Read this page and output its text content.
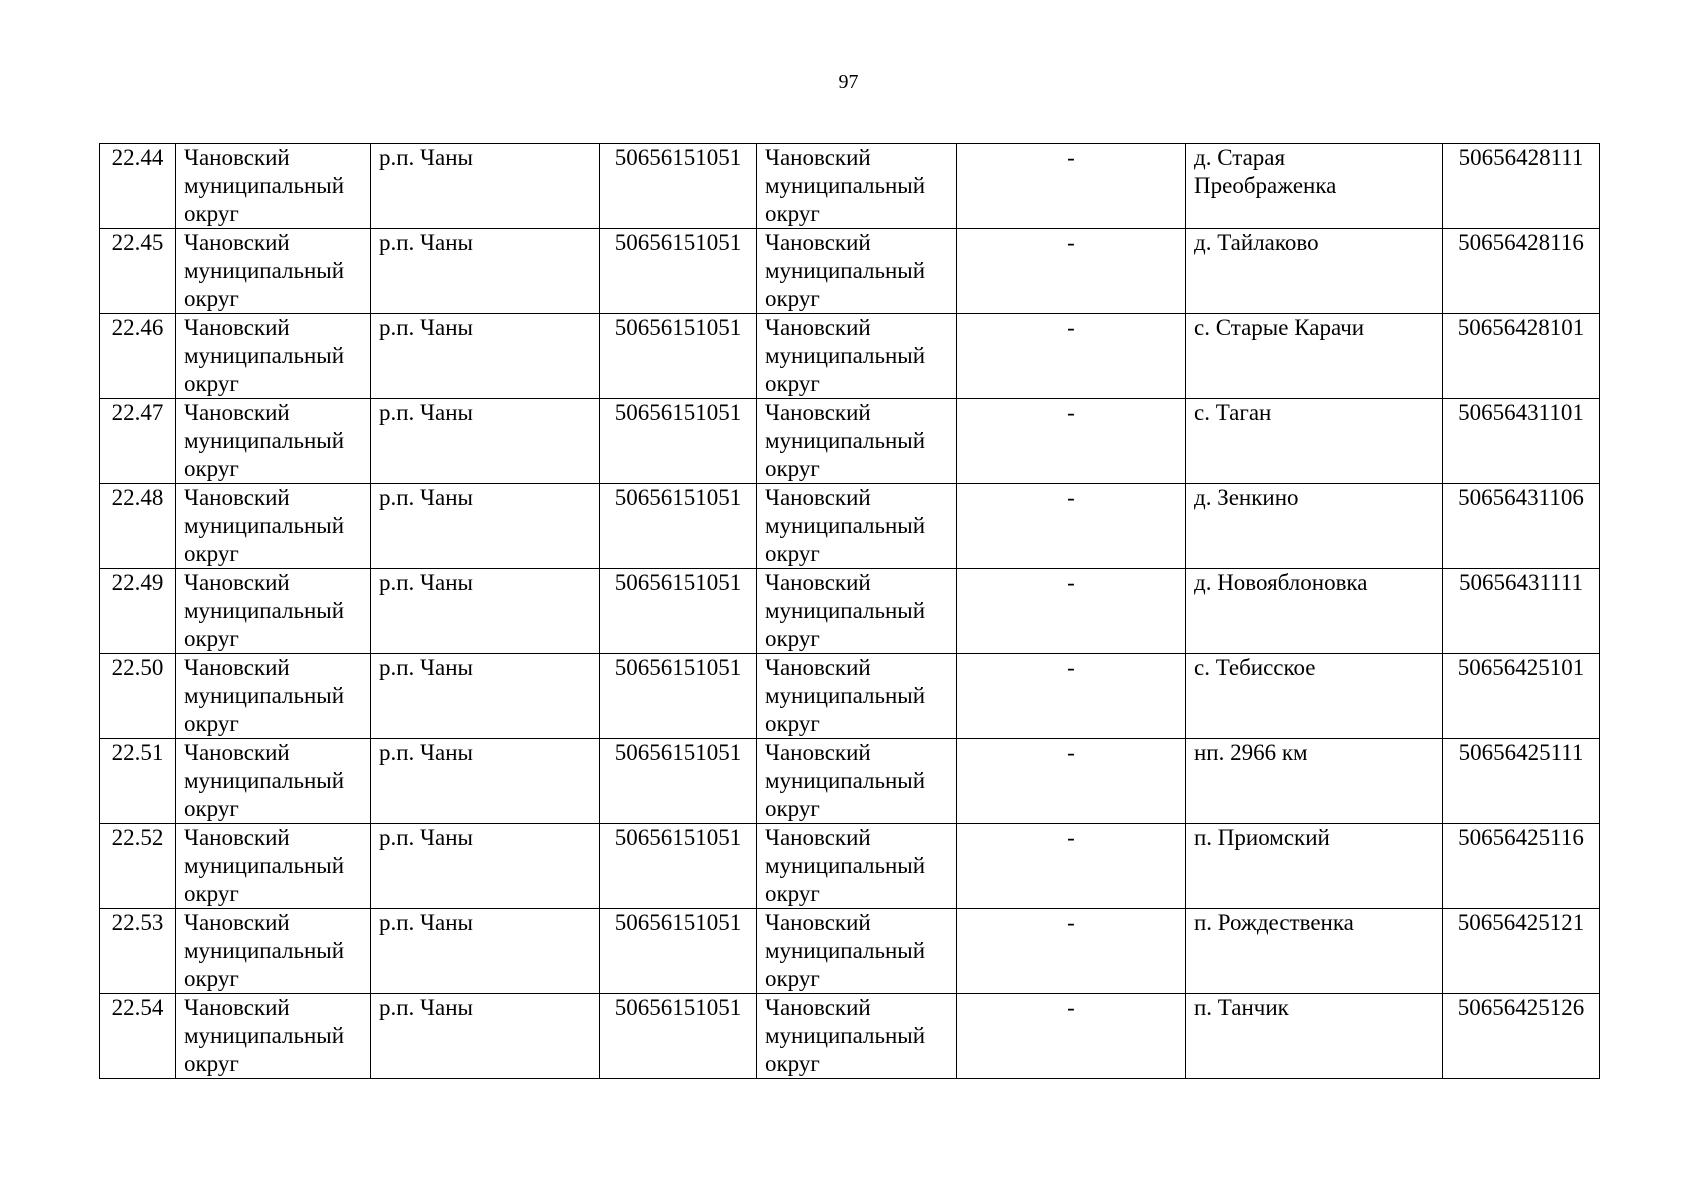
97
22.44	Чановский
муниципальный
округ	р.п. Чаны	50656151051	Чановский
муниципальный
округ	-	д. Старая
Преображенка	50656428111

22.45	Чановский
муниципальный
округ	р.п. Чаны	50656151051	Чановский
муниципальный
округ	-	д. Тайлаково	50656428116

22.46	Чановский
муниципальный
округ	р.п. Чаны	50656151051	Чановский
муниципальный
округ	-	с. Старые Карачи	50656428101

22.47	Чановский
муниципальный
округ	р.п. Чаны	50656151051	Чановский
муниципальный
округ	-	с. Таган	50656431101

22.48	Чановский
муниципальный
округ	р.п. Чаны	50656151051	Чановский
муниципальный
округ	-	д. Зенкино	50656431106

22.49	Чановский
муниципальный
округ	р.п. Чаны	50656151051	Чановский
муниципальный
округ	-	д. Новояблоновка	50656431111

22.50	Чановский
муниципальный
округ	р.п. Чаны	50656151051	Чановский
муниципальный
округ	-	с. Тебисское	50656425101

22.51	Чановский
муниципальный
округ	р.п. Чаны	50656151051	Чановский
муниципальный
округ	-	нп. 2966 км	50656425111

22.52	Чановский
муниципальный
округ	р.п. Чаны	50656151051	Чановский
муниципальный
округ	-	п. Приомский	50656425116

22.53	Чановский
муниципальный
округ	р.п. Чаны	50656151051	Чановский
муниципальный
округ	-	п. Рождественка	50656425121

22.54	Чановский
муниципальный
округ	р.п. Чаны	50656151051	Чановский
муниципальный
округ	-	п. Танчик	50656425126
